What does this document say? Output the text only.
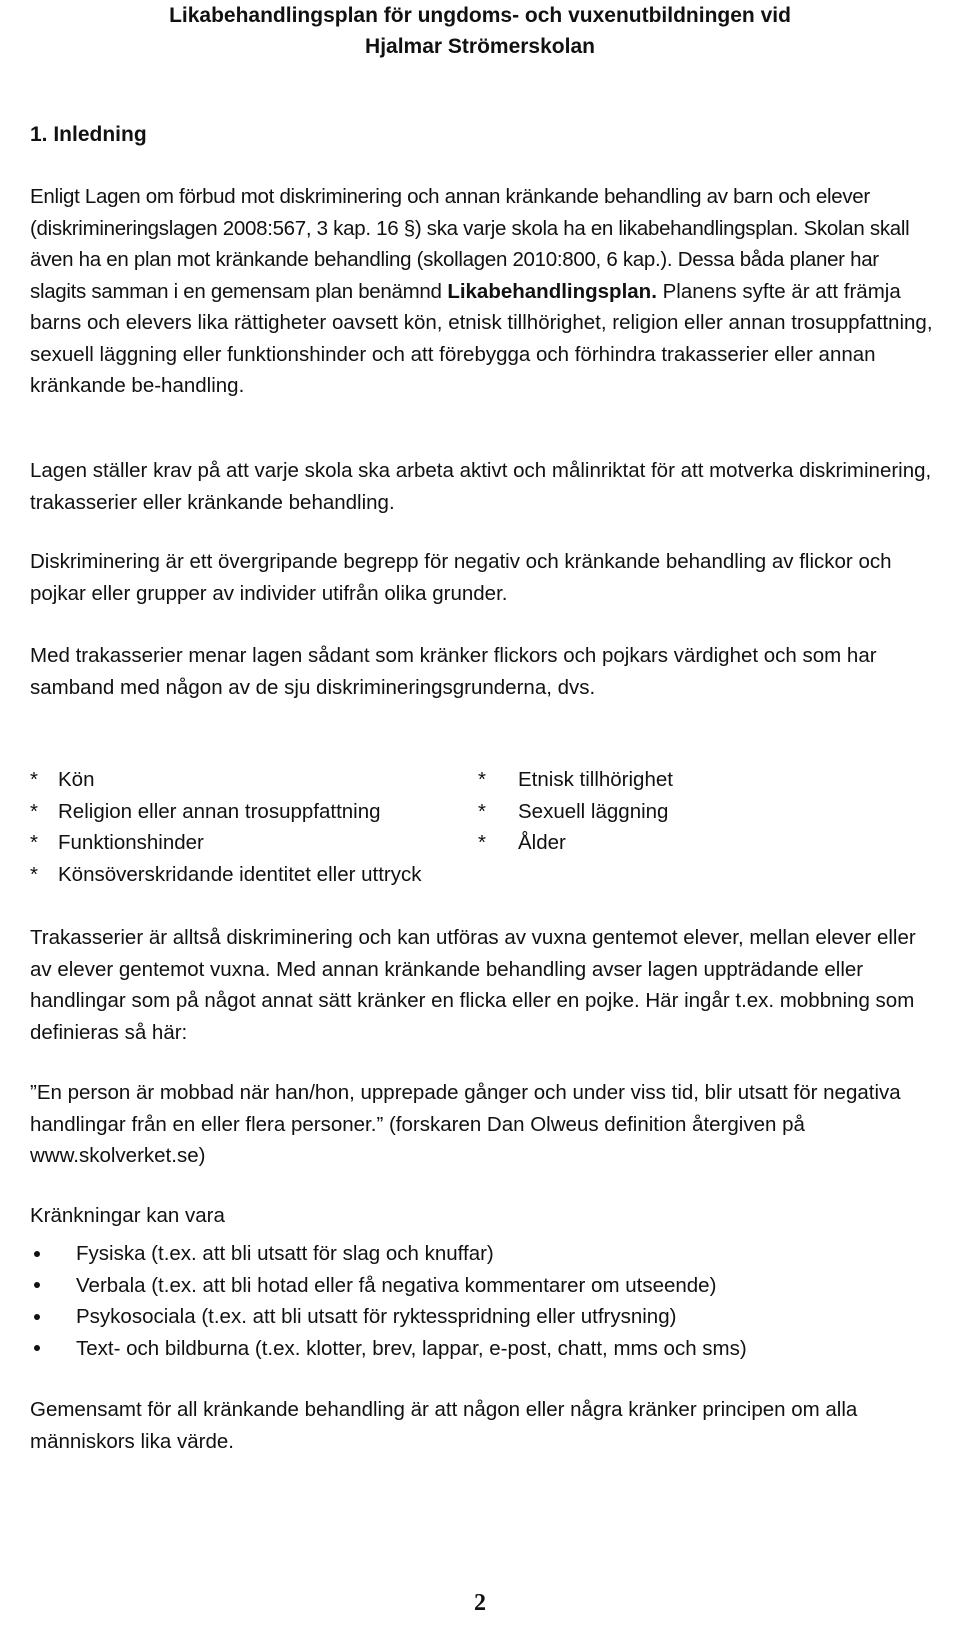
Likabehandlingsplan för ungdoms- och vuxenutbildningen vid
Hjalmar Strömerskolan
1. Inledning

Enligt Lagen om förbud mot diskriminering och annan kränkande behandling av barn och elever (diskrimineringslagen 2008:567, 3 kap. 16 §) ska varje skola ha en likabehandlingsplan. Skolan skall även ha en plan mot kränkande behandling (skollagen 2010:800, 6 kap.). Dessa båda planer har slagits samman i en gemensam plan benämnd Likabehandlingsplan. Planens syfte är att främja barns och elevers lika rättigheter oavsett kön, etnisk tillhörighet, religion eller annan trosuppfattning, sexuell läggning eller funktionshinder och att förebygga och förhindra trakasserier eller annan kränkande be-handling.

Lagen ställer krav på att varje skola ska arbeta aktivt och målinriktat för att motverka diskriminering, trakasserier eller kränkande behandling.

Diskriminering är ett övergripande begrepp för negativ och kränkande behandling av flickor och pojkar eller grupper av individer utifrån olika grunder.

Med trakasserier menar lagen sådant som kränker flickors och pojkars värdighet och som har samband med någon av de sju diskrimineringsgrunderna, dvs.

* Kön
* Religion eller annan trosuppfattning
* Funktionshinder
* Könsöverskridande identitet eller uttryck
*	Etnisk tillhörighet
*	Sexuell läggning
*	Ålder

Trakasserier är alltså diskriminering och kan utföras av vuxna gentemot elever, mellan elever eller av elever gentemot vuxna. Med annan kränkande behandling avser lagen uppträdande eller handlingar som på något annat sätt kränker en flicka eller en pojke. Här ingår t.ex. mobbning som definieras så här:

”En person är mobbad när han/hon, upprepade gånger och under viss tid, blir utsatt för negativa handlingar från en eller flera personer.” (forskaren Dan Olweus definition återgiven på www.skolverket.se)

Kränkningar kan vara

Fysiska (t.ex. att bli utsatt för slag och knuffar)
Verbala (t.ex. att bli hotad eller få negativa kommentarer om utseende)
Psykosociala (t.ex. att bli utsatt för ryktesspridning eller utfrysning)
Text- och bildburna (t.ex. klotter, brev, lappar, e-post, chatt, mms och sms)

Gemensamt för all kränkande behandling är att någon eller några kränker principen om alla människors lika värde.

2
